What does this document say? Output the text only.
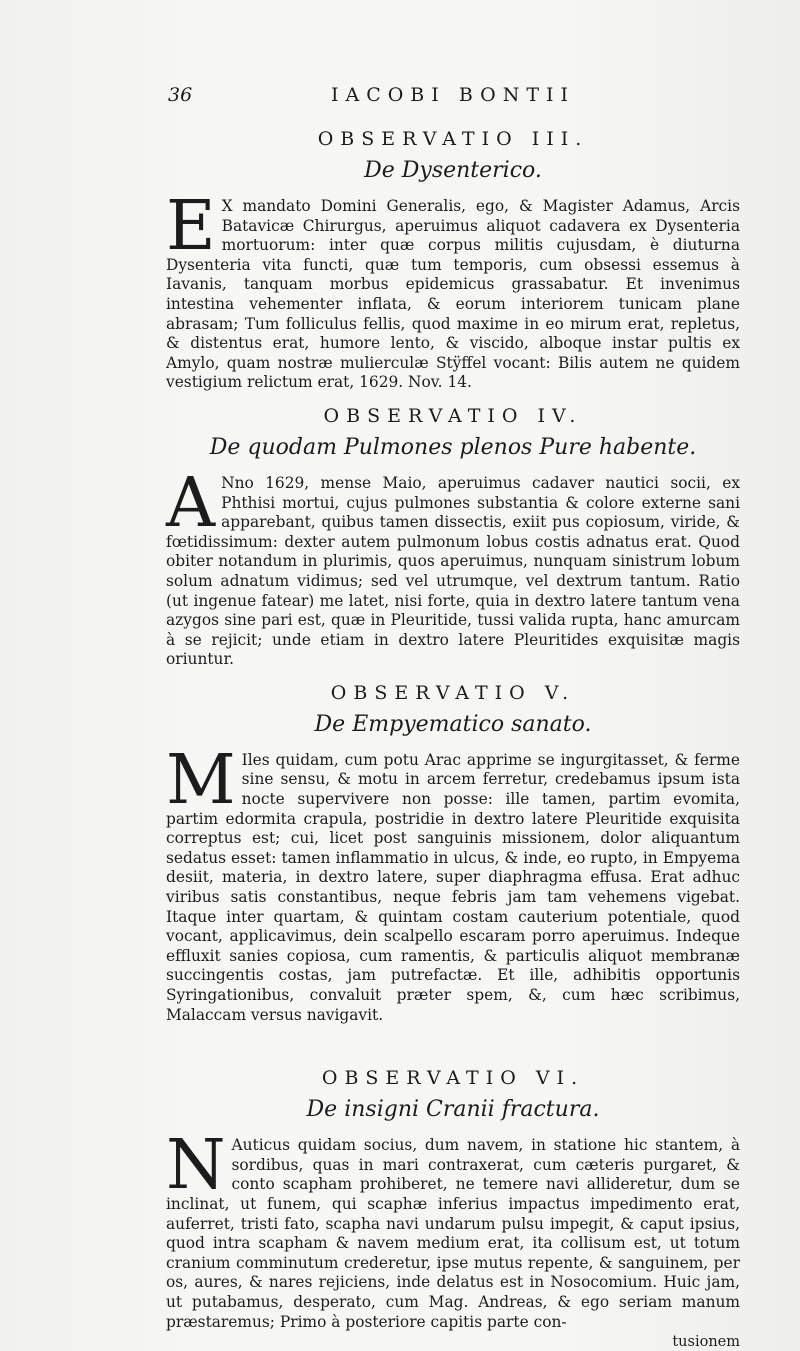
36	IACOBI BONTII
OBSERVATIO III.
De Dysenterico.

E X mandato Domini Generalis, ego, & Magister Adamus, Arcis Batavicæ Chirurgus, aperuimus aliquot cadavera ex Dysenteria mortuorum: inter quæ corpus militis cujusdam, è diuturna Dysenteria vita functi, quæ tum temporis, cum obsessi essemus à Iavanis, tanquam morbus epidemicus grassabatur. Et invenimus intestina vehementer inflata, & eorum interiorem tunicam plane abrasam; Tum folliculus fellis, quod maxime in eo mirum erat, repletus, & distentus erat, humore lento, & viscido, alboque instar pultis ex Amylo, quam nostræ mulierculæ Stÿffel vocant: Bilis autem ne quidem vestigium relictum erat, 1629. Nov. 14.

OBSERVATIO IV.
De quodam Pulmones plenos Pure habente.

A Nno 1629, mense Maio, aperuimus cadaver nautici socii, ex Phthisi mortui, cujus pulmones substantia & colore externe sani apparebant, quibus tamen dissectis, exiit pus copiosum, viride, & fœtidissimum: dexter autem pulmonum lobus costis adnatus erat. Quod obiter notandum in plurimis, quos aperuimus, nunquam sinistrum lobum solum adnatum vidimus; sed vel utrumque, vel dextrum tantum. Ratio (ut ingenue fatear) me latet, nisi forte, quia in dextro latere tantum vena azygos sine pari est, quæ in Pleuritide, tussi valida rupta, hanc amurcam à se rejicit; unde etiam in dextro latere Pleuritides exquisitæ magis oriuntur.

OBSERVATIO V.
De Empyematico sanato.

M Iles quidam, cum potu Arac apprime se ingurgitasset, & ferme sine sensu, & motu in arcem ferretur, credebamus ipsum ista nocte supervivere non posse: ille tamen, partim evomita, partim edormita crapula, postridie in dextro latere Pleuritide exquisita correptus est; cui, licet post sanguinis missionem, dolor aliquantum sedatus esset: tamen inflammatio in ulcus, & inde, eo rupto, in Empyema desiit, materia, in dextro latere, super diaphragma effusa. Erat adhuc viribus satis constantibus, neque febris jam tam vehemens vigebat. Itaque inter quartam, & quintam costam cauterium potentiale, quod vocant, applicavimus, dein scalpello escaram porro aperuimus. Indeque effluxit sanies copiosa, cum ramentis, & particulis aliquot membranæ succingentis costas, jam putrefactæ. Et ille, adhibitis opportunis Syringationibus, convaluit præter spem, &, cum hæc scribimus, Malaccam versus navigavit.

OBSERVATIO VI.
De insigni Cranii fractura.

N Auticus quidam socius, dum navem, in statione hic stantem, à sordibus, quas in mari contraxerat, cum cæteris purgaret, & conto scapham prohiberet, ne temere navi allideretur, dum se inclinat, ut funem, qui scaphæ inferius impactus impedimento erat, auferret, tristi fato, scapha navi undarum pulsu impegit, & caput ipsius, quod intra scapham & navem medium erat, ita collisum est, ut totum cranium comminutum crederetur, ipse mutus repente, & sanguinem, per os, aures, & nares rejiciens, inde delatus est in Nosocomium. Huic jam, ut putabamus, desperato, cum Mag. Andreas, & ego seriam manum præstaremus; Primo à posteriore capitis parte con-

tusionem
